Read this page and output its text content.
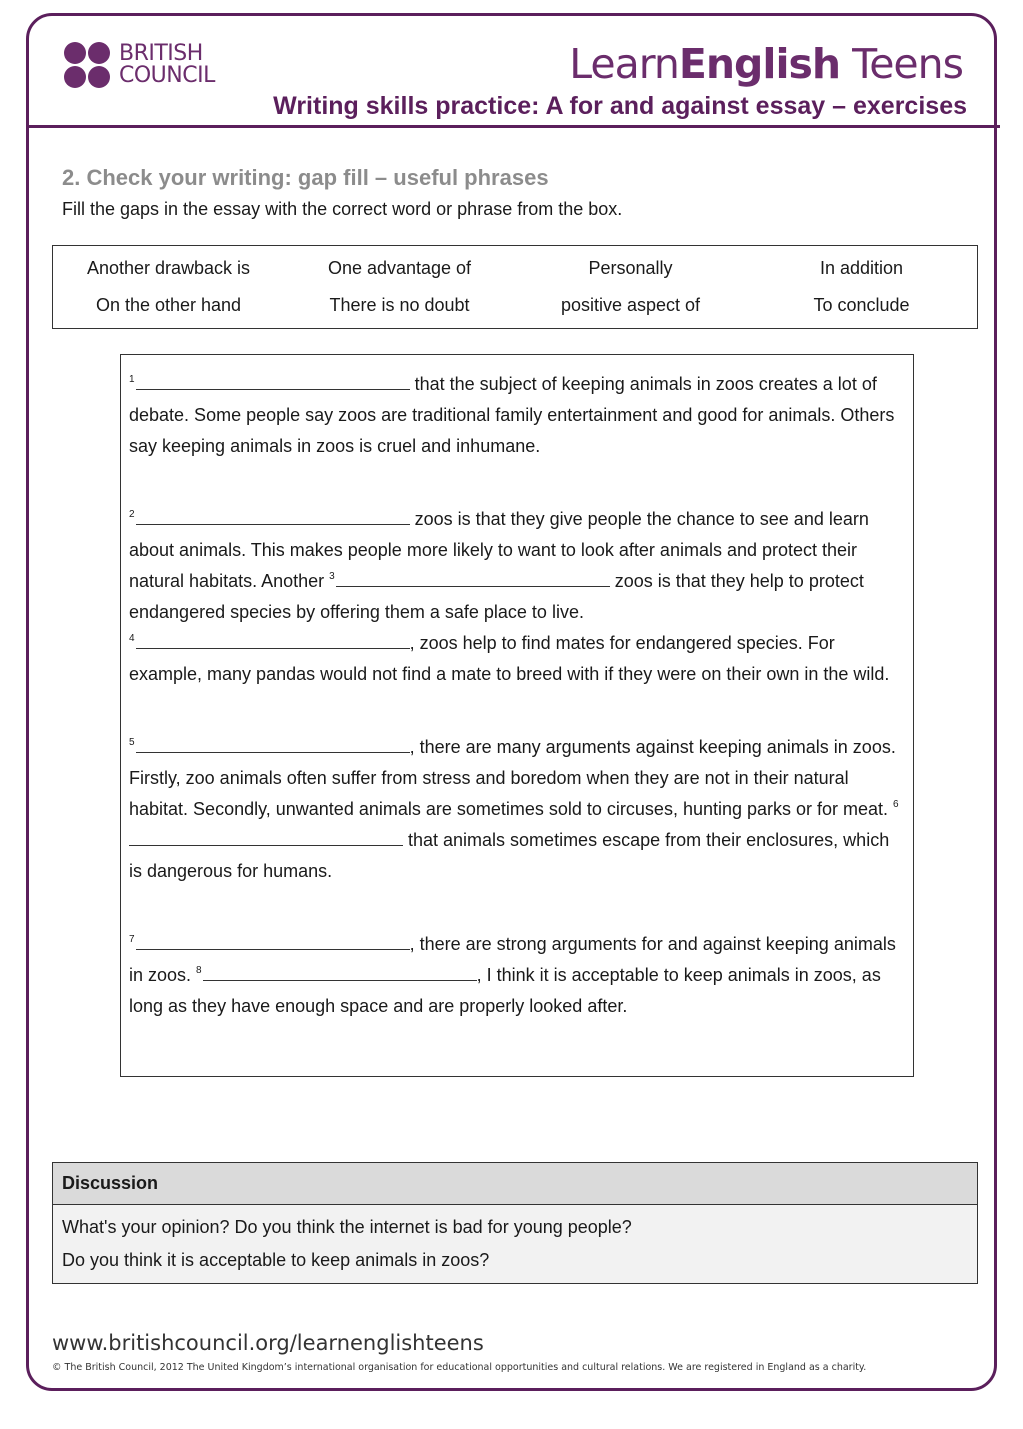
BRITISH
COUNCIL	LearnEnglish Teens
Writing skills practice: A for and against essay – exercises
2. Check your writing: gap fill – useful phrases
Fill the gaps in the essay with the correct word or phrase from the box.
Another drawback is	One advantage of	Personally	In addition
On the other hand	There is no doubt	positive aspect of	To conclude

$^1$	that the subject of keeping animals in zoos creates a lot of debate. Some people say zoos are traditional family entertainment and good for animals. Others say keeping animals in zoos is cruel and inhumane.

$^2$	zoos is that they give people the chance to see and learn about animals. This makes people more likely to want to look after animals and protect their natural habitats. Another $^3$	zoos is that they help to protect endangered species by offering them a safe place to live.

$^4$	, zoos help to find mates for endangered species. For example, many pandas would not find a mate to breed with if they were on their own in the wild.

$^5$	, there are many arguments against keeping animals in zoos. Firstly, zoo animals often suffer from stress and boredom when they are not in their natural habitat. Secondly, unwanted animals are sometimes sold to circuses, hunting parks or for meat. $^6$ that animals sometimes escape from their enclosures, which is dangerous for humans.

$^7$	, there are strong arguments for and against keeping animals in zoos. $^8$	, I think it is acceptable to keep animals in zoos, as long as they have enough space and are properly looked after.

Discussion
What's your opinion? Do you think the internet is bad for young people?
Do you think it is acceptable to keep animals in zoos?
www.britishcouncil.org/learnenglishteens
© The British Council, 2012 The United Kingdom’s international organisation for educational opportunities and cultural relations. We are registered in England as a charity.
